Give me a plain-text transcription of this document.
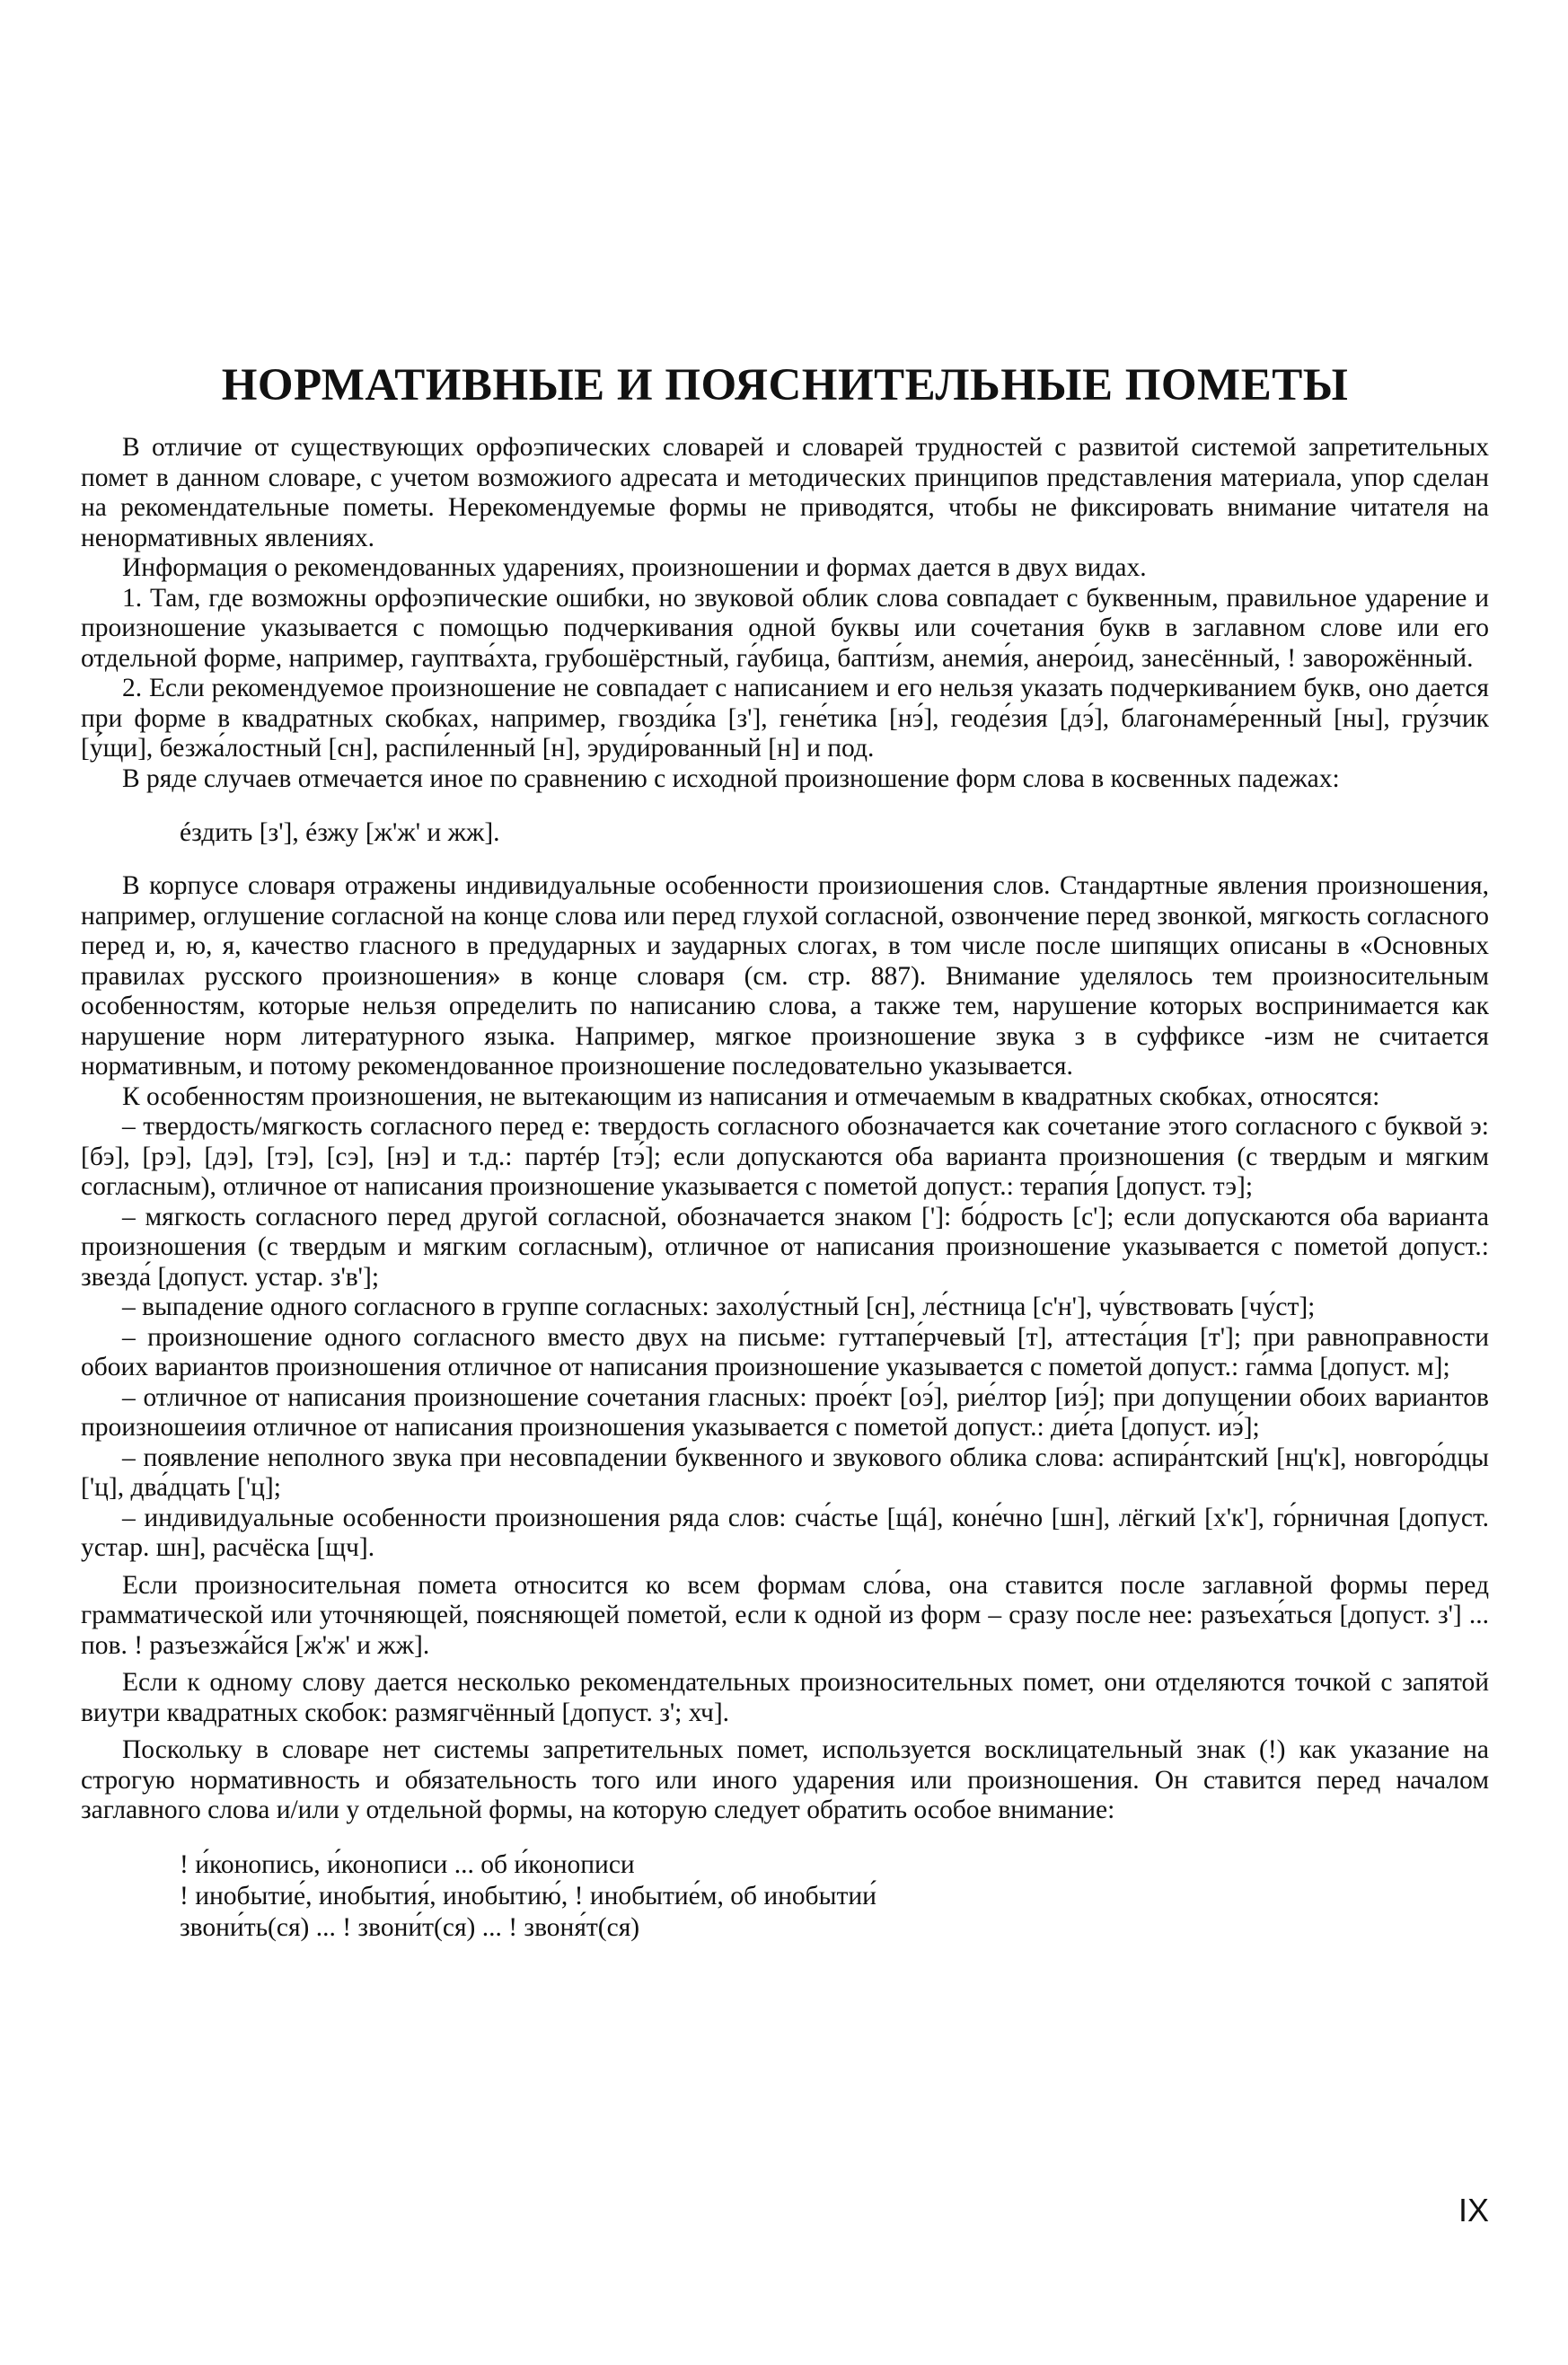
НОРМАТИВНЫЕ И ПОЯСНИТЕЛЬНЫЕ ПОМЕТЫ

В отличие от существующих орфоэпических словарей и словарей трудностей с развитой системой запретительных помет в данном словаре, с учетом возможиого адресата и методических принципов представления материала, упор сделан на рекомендательные пометы. Нерекомендуемые формы не приводятся, чтобы не фиксировать внимание читателя на ненормативных явлениях.

Информация о рекомендованных ударениях, произношении и формах дается в двух видах.

1. Там, где возможны орфоэпические ошибки, но звуковой облик слова совпадает с буквенным, правильное ударение и произношение указывается с помощью подчеркивания одной буквы или сочетания букв в заглавном слове или его отдельной форме, например, гауптва́хта, грубошёрстный, га́убица, бапти́зм, анеми́я, анеро́ид, занесённый, ! заворожённый.

2. Если рекомендуемое произношение не совпадает с написанием и его нельзя указать подчеркиванием букв, оно дается при форме в квадратных скобках, например, гвозди́ка [з'], гене́тика [нэ́], геоде́зия [дэ́], благонаме́ренный [ны], гру́зчик [у́щи], безжа́лостный [сн], распи́ленный [н], эруди́рованный [н] и под.

В ряде случаев отмечается иное по сравнению с исходной произношение форм слова в косвенных падежах:

éздить [з'], éзжу [ж'ж' и жж].

В корпусе словаря отражены индивидуальные особенности произиошения слов. Стандартные явления произношения, например, оглушение согласной на конце слова или перед глухой согласной, озвончение перед звонкой, мягкость согласного перед и, ю, я, качество гласного в предударных и заударных слогах, в том числе после шипящих описаны в «Основных правилах русского произношения» в конце словаря (см. стр. 887). Внимание уделялось тем произносительным особенностям, которые нельзя определить по написанию слова, а также тем, нарушение которых воспринимается как нарушение норм литературного языка. Например, мягкое произношение звука з в суффиксе -изм не считается нормативным, и потому рекомендованное произношение последовательно указывается.

К особенностям произношения, не вытекающим из написания и отмечаемым в квадратных скобках, относятся:

– твердость/мягкость согласного перед е: твердость согласного обозначается как сочетание этого согласного с буквой э: [бэ], [рэ], [дэ], [тэ], [сэ], [нэ] и т.д.: партéр [тэ́]; если допускаются оба варианта произношения (с твердым и мягким согласным), отличное от написания произношение указывается с пометой допуст.: терапи́я [допуст. тэ];

– мягкость согласного перед другой согласной, обозначается знаком [']: бо́дрость [с']; если допускаются оба варианта произношения (с твердым и мягким согласным), отличное от написания произношение указывается с пометой допуст.: звезда́ [допуст. устар. з'в'];

– выпадение одного согласного в группе согласных: захолу́стный [сн], ле́стница [с'н'], чу́вствовать [чу́ст];

– произношение одного согласного вместо двух на письме: гуттапе́рчевый [т], аттеста́ция [т']; при равноправности обоих вариантов произношения отличное от написания произношение указывается с пометой допуст.: га́мма [допуст. м];

– отличное от написания произношение сочетания гласных: прое́кт [оэ́], рие́лтор [иэ́]; при допущении обоих вариантов произношеиия отличное от написания произношения указывается с пометой допуст.: дие́та [допуст. иэ́];

– появление неполного звука при несовпадении буквенного и звукового облика слова: аспира́нтский [нц'к], новгоро́дцы ['ц], два́дцать ['ц];

– индивидуальные особенности произношения ряда слов: сча́стье [щá], коне́чно [шн], лёгкий [х'к'], го́рничная [допуст. устар. шн], расчёска [щч].

Если произносительная помета относится ко всем формам сло́ва, она ставится после заглавной формы перед грамматической или уточняющей, поясняющей пометой, если к одной из форм – сразу после нее: разъеха́ться [допуст. з'] ... пов. ! разъезжа́йся [ж'ж' и жж].

Если к одному слову дается несколько рекомендательных произносительных помет, они отделяются точкой с запятой виутри квадратных скобок: размягчённый [допуст. з'; хч].

Поскольку в словаре нет системы запретительных помет, используется восклицательный знак (!) как указание на строгую нормативность и обязательность того или иного ударения или произношения. Он ставится перед началом заглавного слова и/или у отдельной формы, на которую следует обратить особое внимание:

! и́конопись, и́конописи ... об и́конописи
! инобытие́, инобытия́, инобытию́, ! инобытие́м, об инобытии́
звони́ть(ся) ... ! звони́т(ся) ... ! звоня́т(ся)
IX
